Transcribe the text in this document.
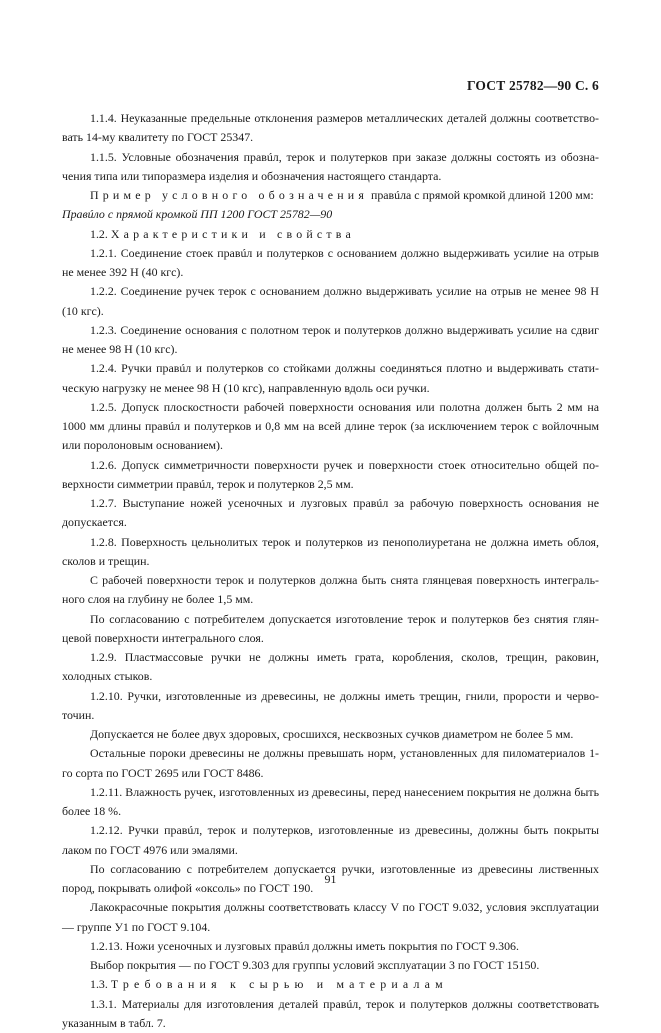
ГОСТ 25782—90 С. 6

1.1.4. Неуказанные предельные отклонения размеров металлических деталей должны соответствовать 14-му квалитету по ГОСТ 25347.

1.1.5. Условные обозначения правúл, терок и полутерков при заказе должны состоять из обозначения типа или типоразмера изделия и обозначения настоящего стандарта.

Пример условного обозначения правúла с прямой кромкой длиной 1200 мм:

Правúло с прямой кромкой ПП 1200 ГОСТ 25782—90

1.2. Характеристики и свойства

1.2.1. Соединение стоек правúл и полутерков с основанием должно выдерживать усилие на отрыв не менее 392 Н (40 кгс).

1.2.2. Соединение ручек терок с основанием должно выдерживать усилие на отрыв не менее 98 Н (10 кгс).

1.2.3. Соединение основания с полотном терок и полутерков должно выдерживать усилие на сдвиг не менее 98 Н (10 кгс).

1.2.4. Ручки правúл и полутерков со стойками должны соединяться плотно и выдерживать статическую нагрузку не менее 98 Н (10 кгс), направленную вдоль оси ручки.

1.2.5. Допуск плоскостности рабочей поверхности основания или полотна должен быть 2 мм на 1000 мм длины правúл и полутерков и 0,8 мм на всей длине терок (за исключением терок с войлочным или поролоновым основанием).

1.2.6. Допуск симметричности поверхности ручек и поверхности стоек относительно общей поверхности симметрии правúл, терок и полутерков 2,5 мм.

1.2.7. Выступание ножей усеночных и лузговых правúл за рабочую поверхность основания не допускается.

1.2.8. Поверхность цельнолитых терок и полутерков из пенополиуретана не должна иметь облоя, сколов и трещин.

С рабочей поверхности терок и полутерков должна быть снята глянцевая поверхность интегрального слоя на глубину не более 1,5 мм.

По согласованию с потребителем допускается изготовление терок и полутерков без снятия глянцевой поверхности интегрального слоя.

1.2.9. Пластмассовые ручки не должны иметь грата, коробления, сколов, трещин, раковин, холодных стыков.

1.2.10. Ручки, изготовленные из древесины, не должны иметь трещин, гнили, прорости и червоточин.

Допускается не более двух здоровых, сросшихся, несквозных сучков диаметром не более 5 мм.

Остальные пороки древесины не должны превышать норм, установленных для пиломатериалов 1-го сорта по ГОСТ 2695 или ГОСТ 8486.

1.2.11. Влажность ручек, изготовленных из древесины, перед нанесением покрытия не должна быть более 18 %.

1.2.12. Ручки правúл, терок и полутерков, изготовленные из древесины, должны быть покрыты лаком по ГОСТ 4976 или эмалями.

По согласованию с потребителем допускается ручки, изготовленные из древесины лиственных пород, покрывать олифой «оксоль» по ГОСТ 190.

Лакокрасочные покрытия должны соответствовать классу V по ГОСТ 9.032, условия эксплуатации — группе У1 по ГОСТ 9.104.

1.2.13. Ножи усеночных и лузговых правúл должны иметь покрытия по ГОСТ 9.306.

Выбор покрытия — по ГОСТ 9.303 для группы условий эксплуатации 3 по ГОСТ 15150.

1.3. Требования к сырью и материалам

1.3.1. Материалы для изготовления деталей правúл, терок и полутерков должны соответствовать указанным в табл. 7.

91
